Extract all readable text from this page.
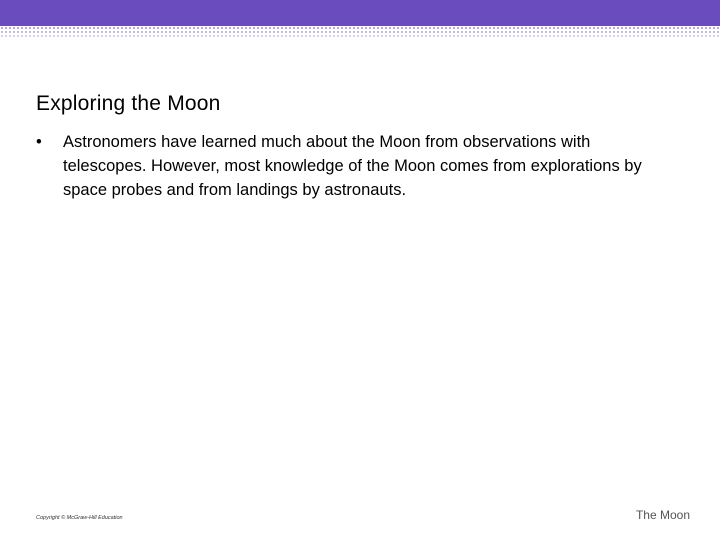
Exploring the Moon
•	Astronomers have learned much about the Moon from observations with telescopes. However, most knowledge of the Moon comes from explorations by space probes and from landings by astronauts.
Copyright © McGraw-Hill Education	The Moon
